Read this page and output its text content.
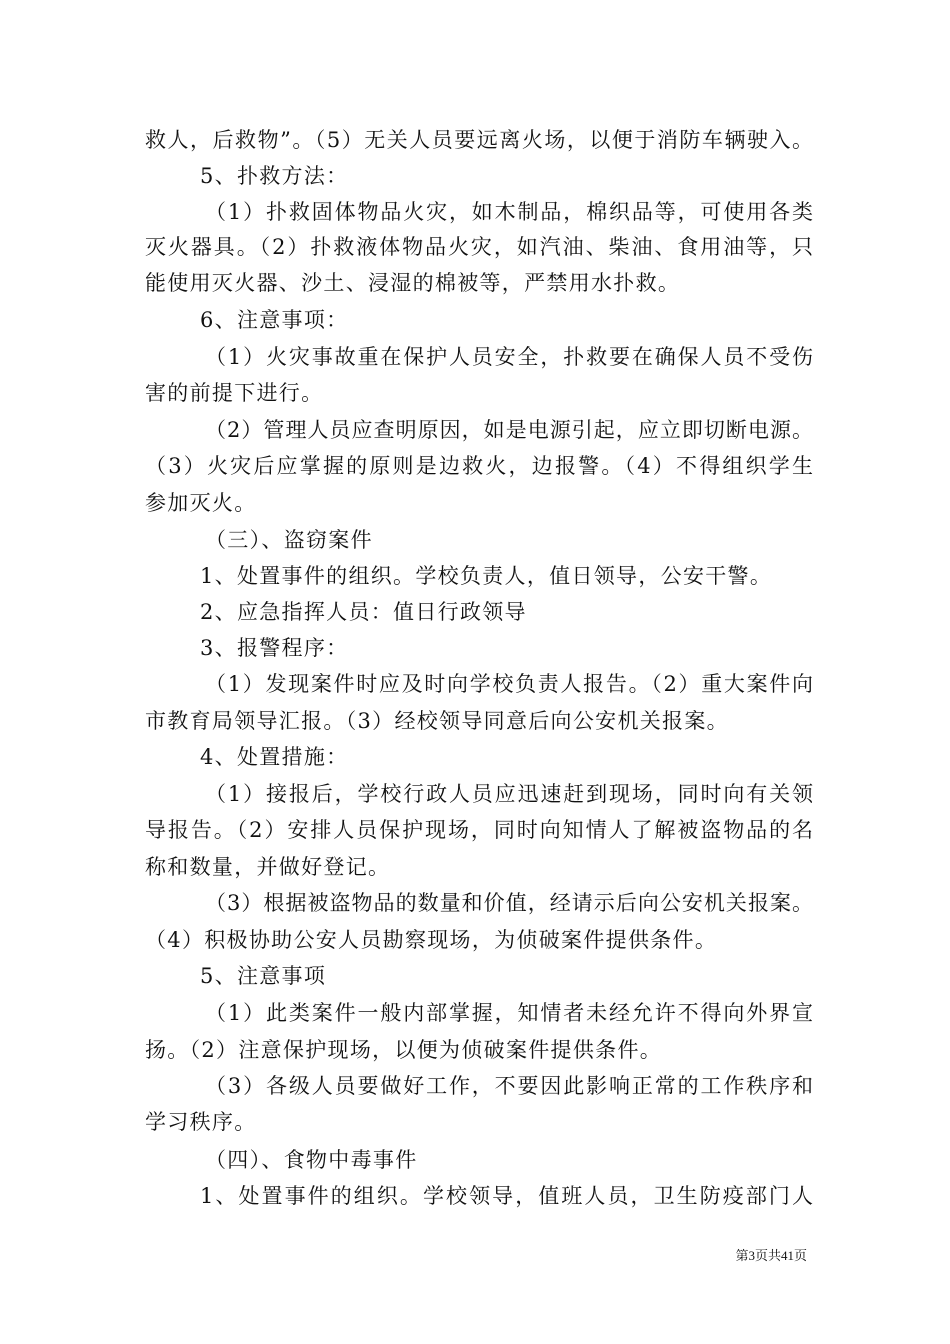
救人，后救物”。（5）无关人员要远离火场，以便于消防车辆驶入。
5、扑救方法：
（1）扑救固体物品火灾，如木制品，棉织品等，可使用各类
灭火器具。（2）扑救液体物品火灾，如汽油、柴油、食用油等，只
能使用灭火器、沙土、浸湿的棉被等，严禁用水扑救。
6、注意事项：
（1）火灾事故重在保护人员安全，扑救要在确保人员不受伤
害的前提下进行。
（2）管理人员应查明原因，如是电源引起，应立即切断电源。
（3）火灾后应掌握的原则是边救火，边报警。（4）不得组织学生
参加灭火。
（三）、盗窃案件
1、处置事件的组织。学校负责人，值日领导，公安干警。
2、应急指挥人员：值日行政领导
3、报警程序：
（1）发现案件时应及时向学校负责人报告。（2）重大案件向
市教育局领导汇报。（3）经校领导同意后向公安机关报案。
4、处置措施：
（1）接报后，学校行政人员应迅速赶到现场，同时向有关领
导报告。（2）安排人员保护现场，同时向知情人了解被盗物品的名
称和数量，并做好登记。
（3）根据被盗物品的数量和价值，经请示后向公安机关报案。
（4）积极协助公安人员勘察现场，为侦破案件提供条件。
5、注意事项
（1）此类案件一般内部掌握，知情者未经允许不得向外界宣
扬。（2）注意保护现场，以便为侦破案件提供条件。
（3）各级人员要做好工作，不要因此影响正常的工作秩序和
学习秩序。
（四）、食物中毒事件
1、处置事件的组织。学校领导，值班人员，卫生防疫部门人
第3页共41页
